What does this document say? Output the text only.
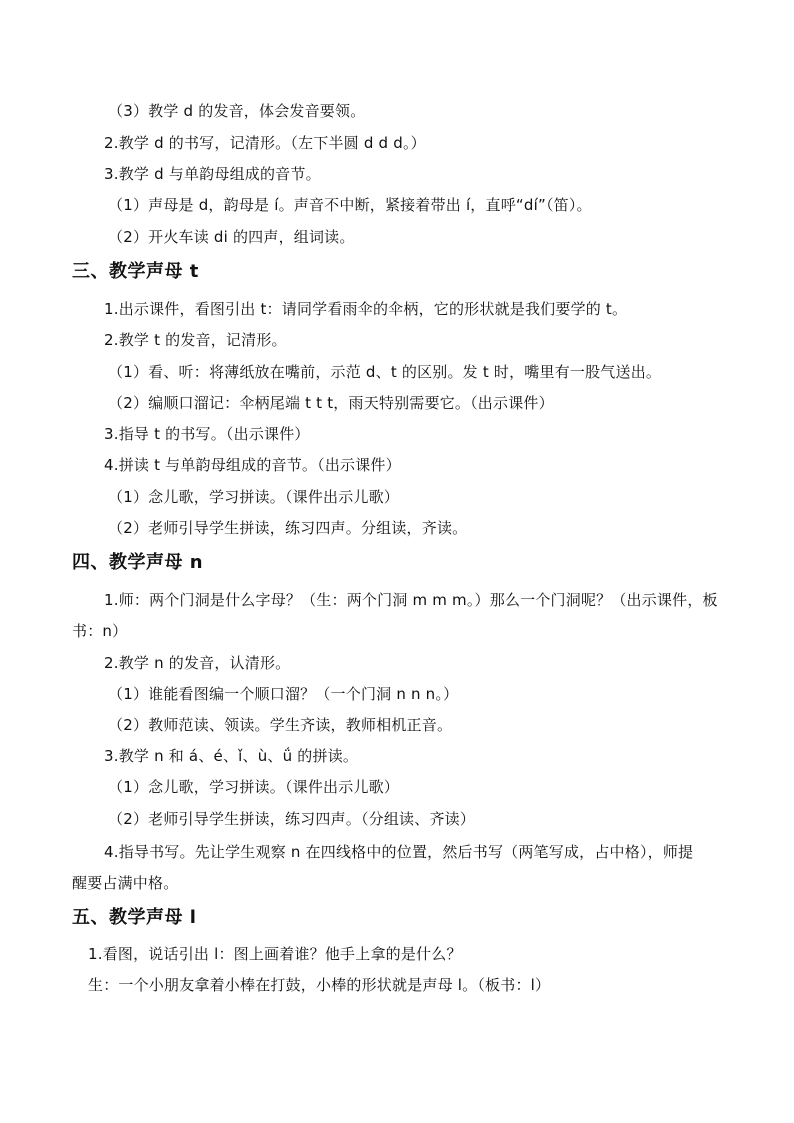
（3）教学 d 的发音，体会发音要领。
2.教学 d 的书写，记清形。（左下半圆 d d d。）
3.教学 d 与单韵母组成的音节。
（1）声母是 d，韵母是 í。声音不中断，紧接着带出 í，直呼“dí”（笛）。
（2）开火车读 di 的四声，组词读。
三、教学声母 t
1.出示课件，看图引出 t：请同学看雨伞的伞柄，它的形状就是我们要学的 t。
2.教学 t 的发音，记清形。
（1）看、听：将薄纸放在嘴前，示范 d、t 的区别。发 t 时，嘴里有一股气送出。
（2）编顺口溜记：伞柄尾端 t t t，雨天特别需要它。（出示课件）
3.指导 t 的书写。（出示课件）
4.拼读 t 与单韵母组成的音节。（出示课件）
（1）念儿歌，学习拼读。（课件出示儿歌）
（2）老师引导学生拼读，练习四声。分组读，齐读。
四、教学声母 n
1.师：两个门洞是什么字母？（生：两个门洞 m m m。）那么一个门洞呢？（出示课件，板
书：n）
2.教学 n 的发音，认清形。
（1）谁能看图编一个顺口溜？（一个门洞 n n n。）
（2）教师范读、领读。学生齐读，教师相机正音。
3.教学 n 和 á、é、ǐ、ù、ǘ 的拼读。
（1）念儿歌，学习拼读。（课件出示儿歌）
（2）老师引导学生拼读，练习四声。（分组读、齐读）
4.指导书写。先让学生观察 n 在四线格中的位置，然后书写（两笔写成，占中格），师提
醒要占满中格。
五、教学声母 l
1.看图，说话引出 l：图上画着谁？他手上拿的是什么？
生：一个小朋友拿着小棒在打鼓，小棒的形状就是声母 l。（板书：l）
